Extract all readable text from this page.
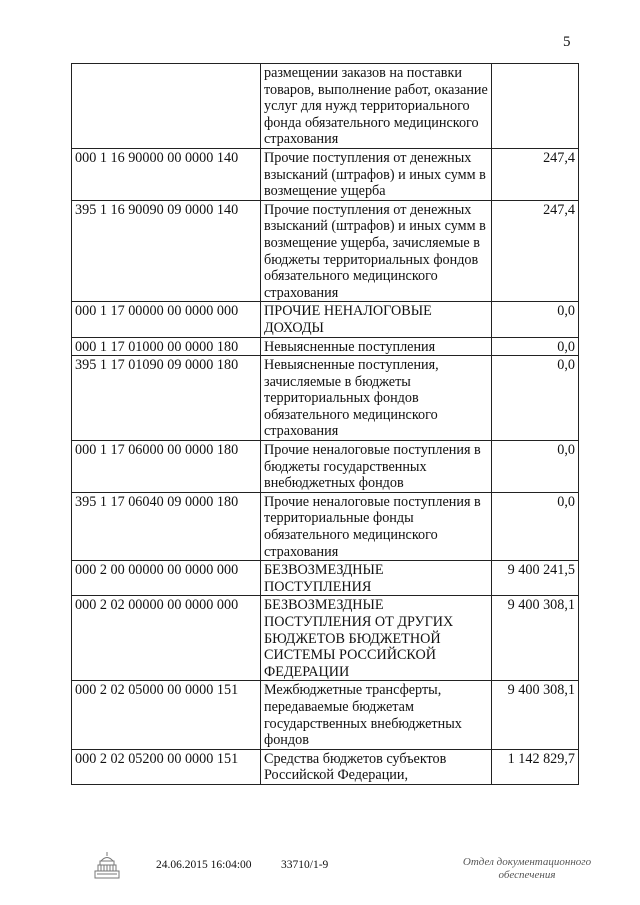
5
	размещении заказов на поставки товаров, выполнение работ, оказание услуг для нужд территориального фонда обязательного медицинского страхования	
000 1 16 90000 00 0000 140	Прочие поступления от денежных взысканий (штрафов) и иных сумм в возмещение ущерба	247,4
395 1 16 90090 09 0000 140	Прочие поступления от денежных взысканий (штрафов) и иных сумм в возмещение ущерба, зачисляемые в бюджеты территориальных фондов обязательного медицинского страхования	247,4
000 1 17 00000 00 0000 000	ПРОЧИЕ НЕНАЛОГОВЫЕ ДОХОДЫ	0,0
000 1 17 01000 00 0000 180	Невыясненные поступления	0,0
395 1 17 01090 09 0000 180	Невыясненные поступления, зачисляемые в бюджеты территориальных фондов обязательного медицинского страхования	0,0
000 1 17 06000 00 0000 180	Прочие неналоговые поступления в бюджеты государственных внебюджетных фондов	0,0
395 1 17 06040 09 0000 180	Прочие неналоговые поступления в территориальные фонды обязательного медицинского страхования	0,0
000 2 00 00000 00 0000 000	БЕЗВОЗМЕЗДНЫЕ ПОСТУПЛЕНИЯ	9 400 241,5
000 2 02 00000 00 0000 000	БЕЗВОЗМЕЗДНЫЕ ПОСТУПЛЕНИЯ ОТ ДРУГИХ БЮДЖЕТОВ БЮДЖЕТНОЙ СИСТЕМЫ РОССИЙСКОЙ ФЕДЕРАЦИИ	9 400 308,1
000 2 02 05000 00 0000 151	Межбюджетные трансферты, передаваемые бюджетам государственных внебюджетных фондов	9 400 308,1
000 2 02 05200 00 0000 151	Средства бюджетов субъектов Российской Федерации,	1 142 829,7
24.06.2015 16:04:00	33710/1-9	Отдел документационного
обеспечения
